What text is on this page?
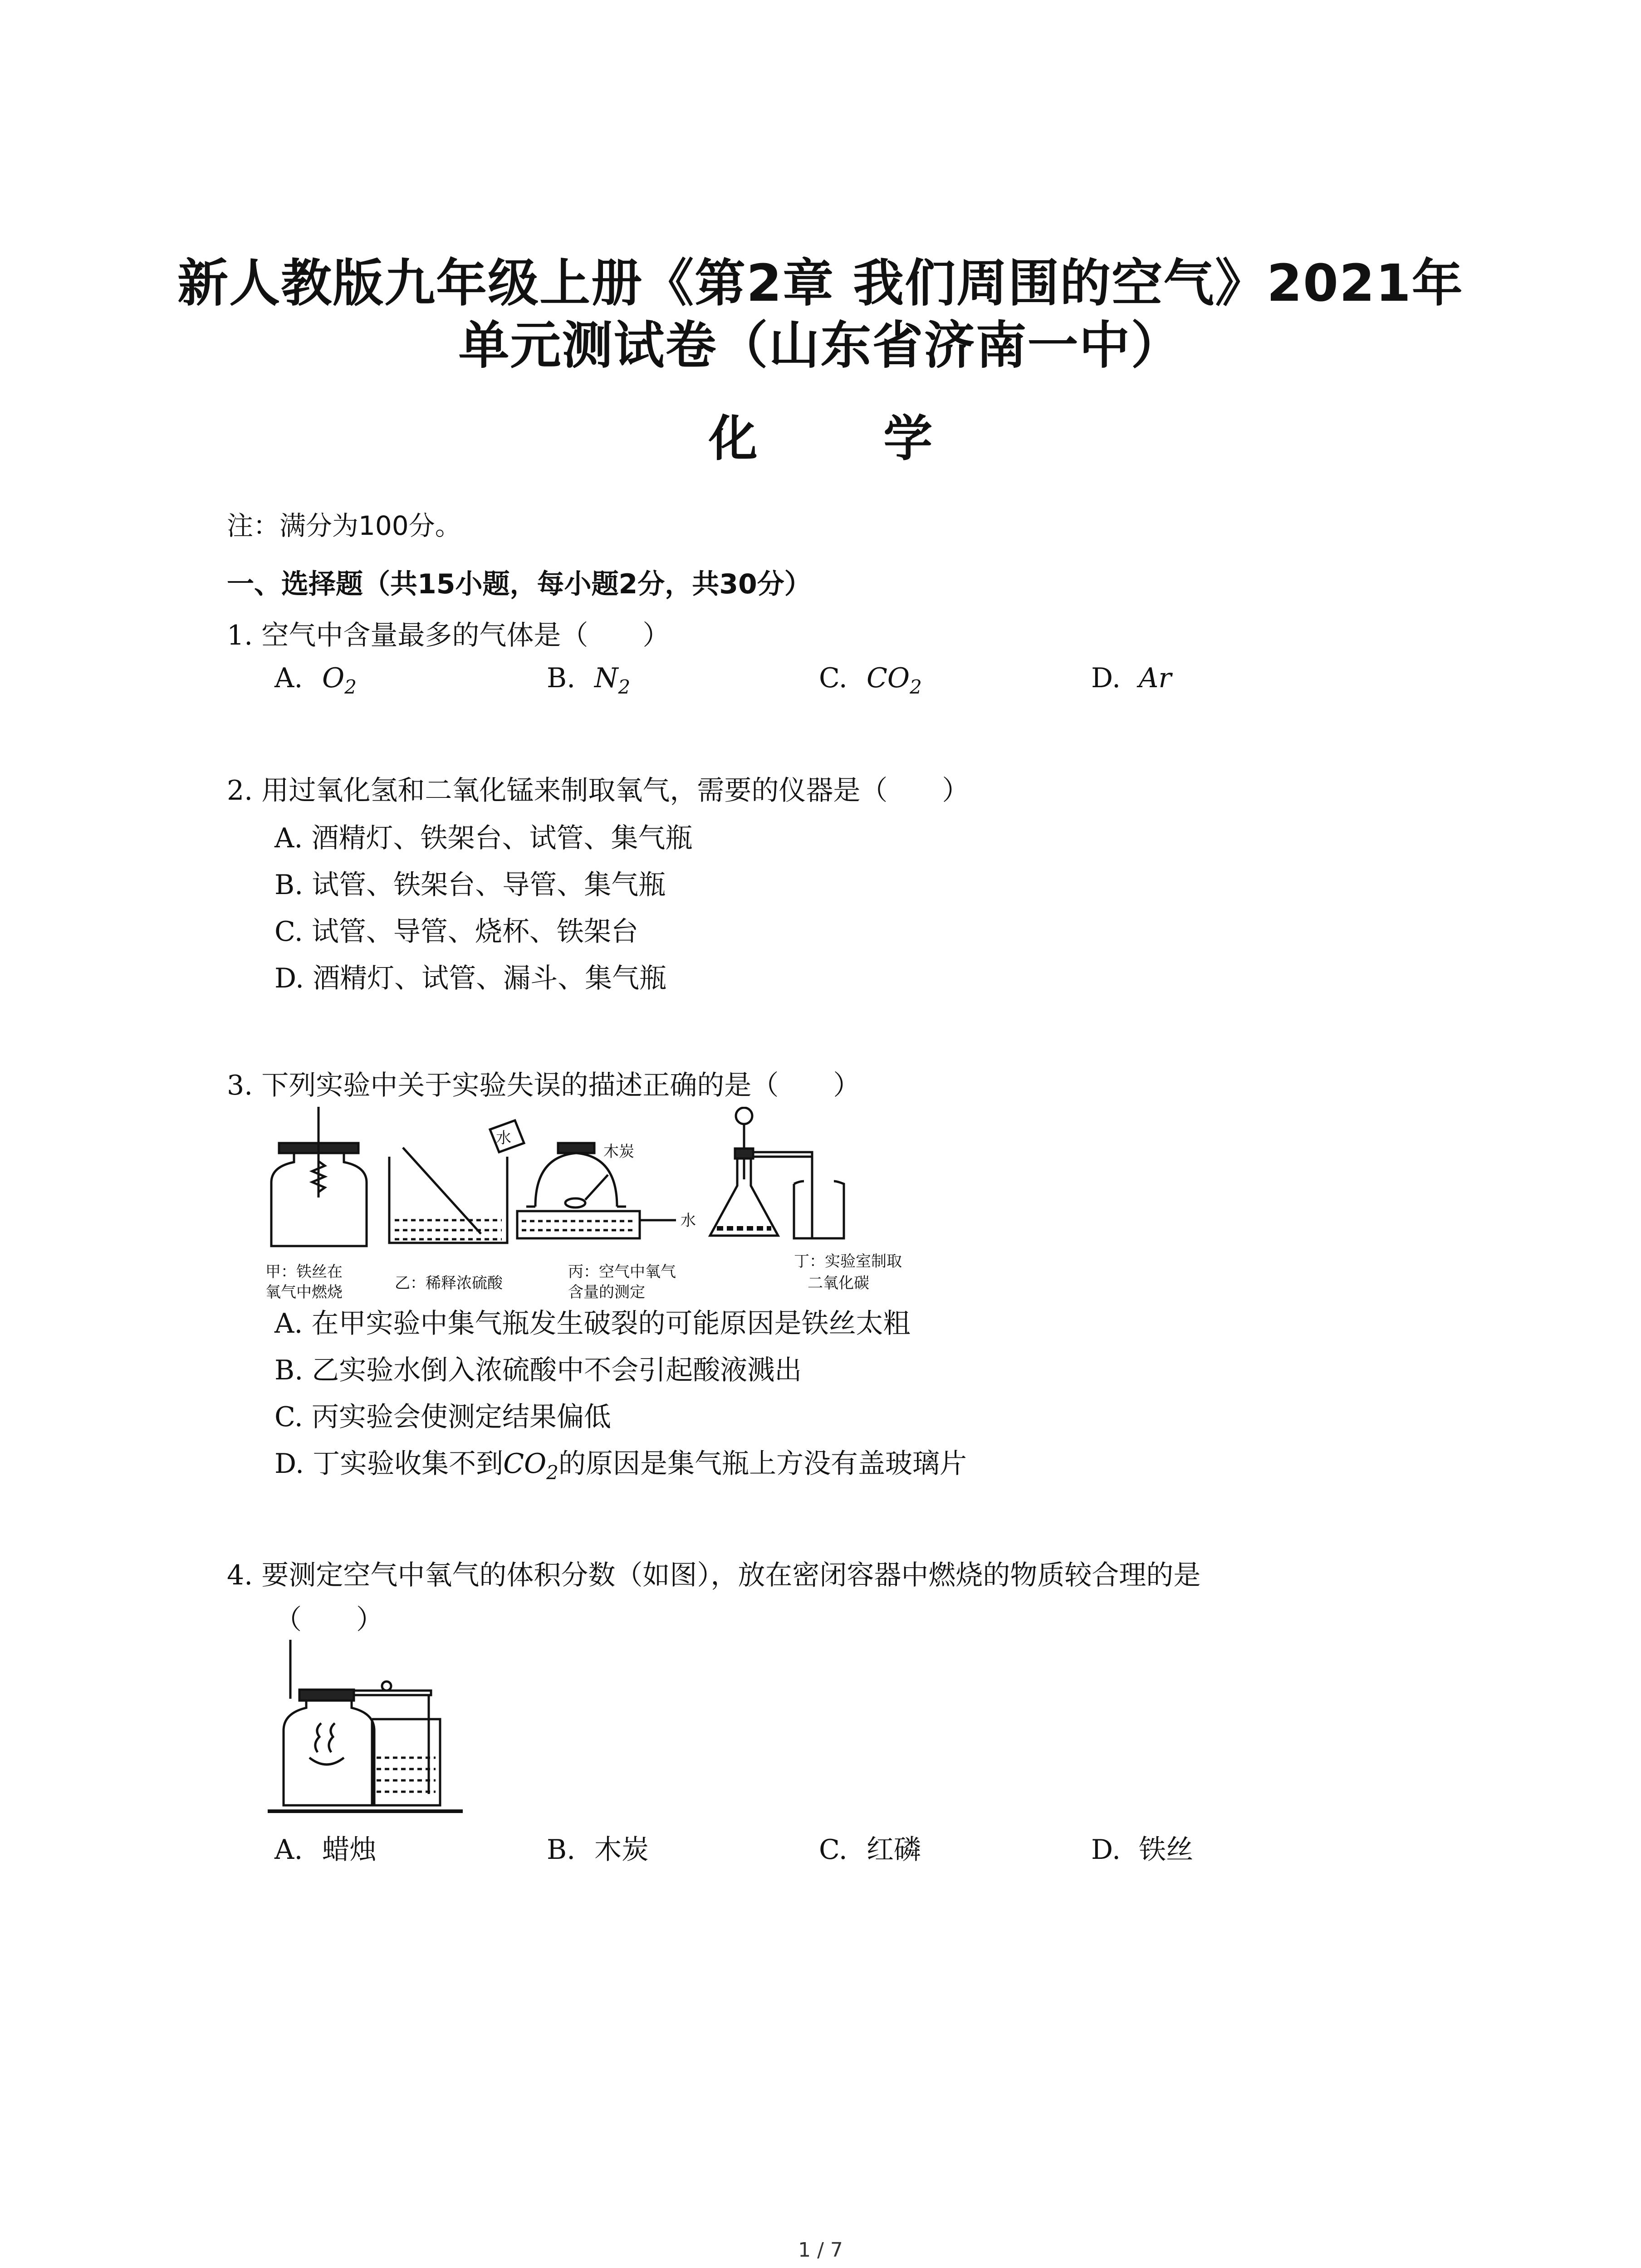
新人教版九年级上册《第2章 我们周围的空气》2021年
单元测试卷（山东省济南一中）
化 学
注：满分为100分。
一、选择题（共15小题，每小题2分，共30分）
1. 空气中含量最多的气体是（　　）
A. $O_2$	B. $N_2$	C. $CO_2$	D. Ar
2. 用过氧化氢和二氧化锰来制取氧气，需要的仪器是（　　）
A. 酒精灯、铁架台、试管、集气瓶
B. 试管、铁架台、导管、集气瓶
C. 试管、导管、烧杯、铁架台
D. 酒精灯、试管、漏斗、集气瓶
3. 下列实验中关于实验失误的描述正确的是（　　）
甲：铁丝在
氧气中燃烧	乙：稀释浓硫酸
水
丙：空气中氧气
含量的测定
木炭
水
丁：实验室制取
二氧化碳
A. 在甲实验中集气瓶发生破裂的可能原因是铁丝太粗
B. 乙实验水倒入浓硫酸中不会引起酸液溅出
C. 丙实验会使测定结果偏低
D. 丁实验收集不到$CO_2$的原因是集气瓶上方没有盖玻璃片
4. 要测定空气中氧气的体积分数（如图），放在密闭容器中燃烧的物质较合理的是
（　　）
A. 蜡烛	B. 木炭	C. 红磷	D. 铁丝
1 / 7
